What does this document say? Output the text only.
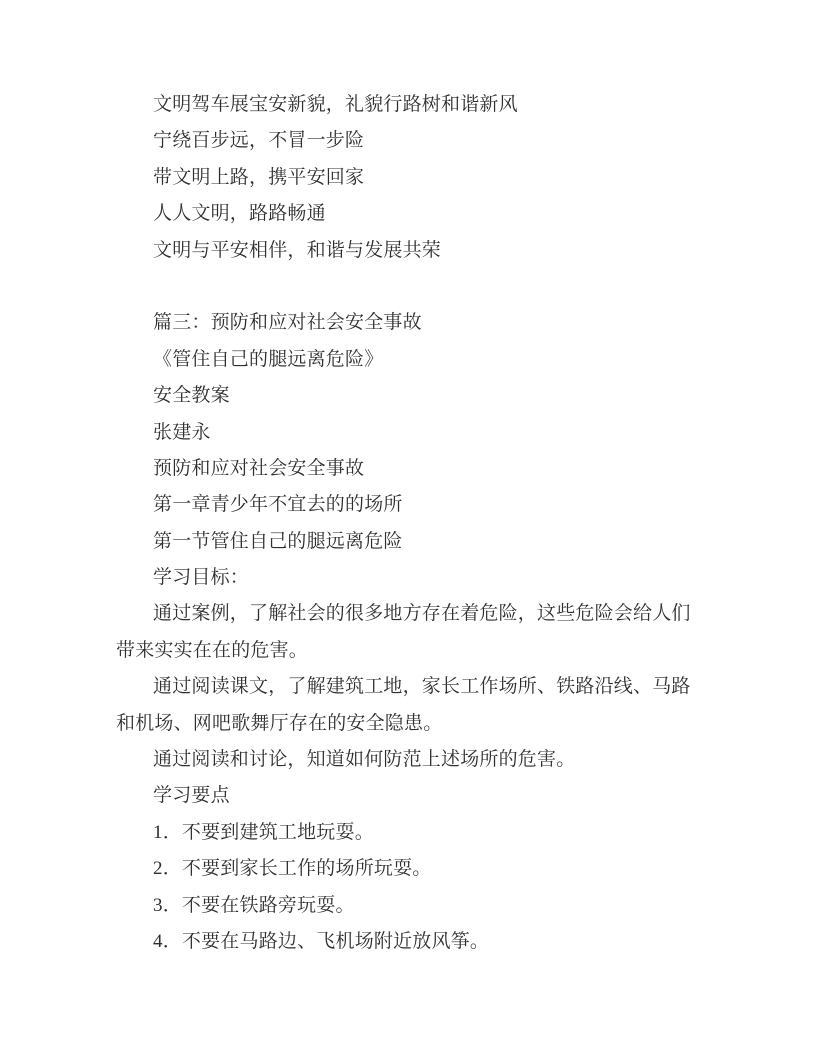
文明驾车展宝安新貌，礼貌行路树和谐新风
宁绕百步远，不冒一步险
带文明上路，携平安回家
人人文明，路路畅通
文明与平安相伴，和谐与发展共荣
篇三：预防和应对社会安全事故
《管住自己的腿远离危险》
安全教案
张建永
预防和应对社会安全事故
第一章青少年不宜去的的场所
第一节管住自己的腿远离危险
学习目标：
通过案例，了解社会的很多地方存在着危险，这些危险会给人们
带来实实在在的危害。
通过阅读课文，了解建筑工地，家长工作场所、铁路沿线、马路
和机场、网吧歌舞厅存在的安全隐患。
通过阅读和讨论，知道如何防范上述场所的危害。
学习要点
1．不要到建筑工地玩耍。
2．不要到家长工作的场所玩耍。
3．不要在铁路旁玩耍。
4．不要在马路边、飞机场附近放风筝。
